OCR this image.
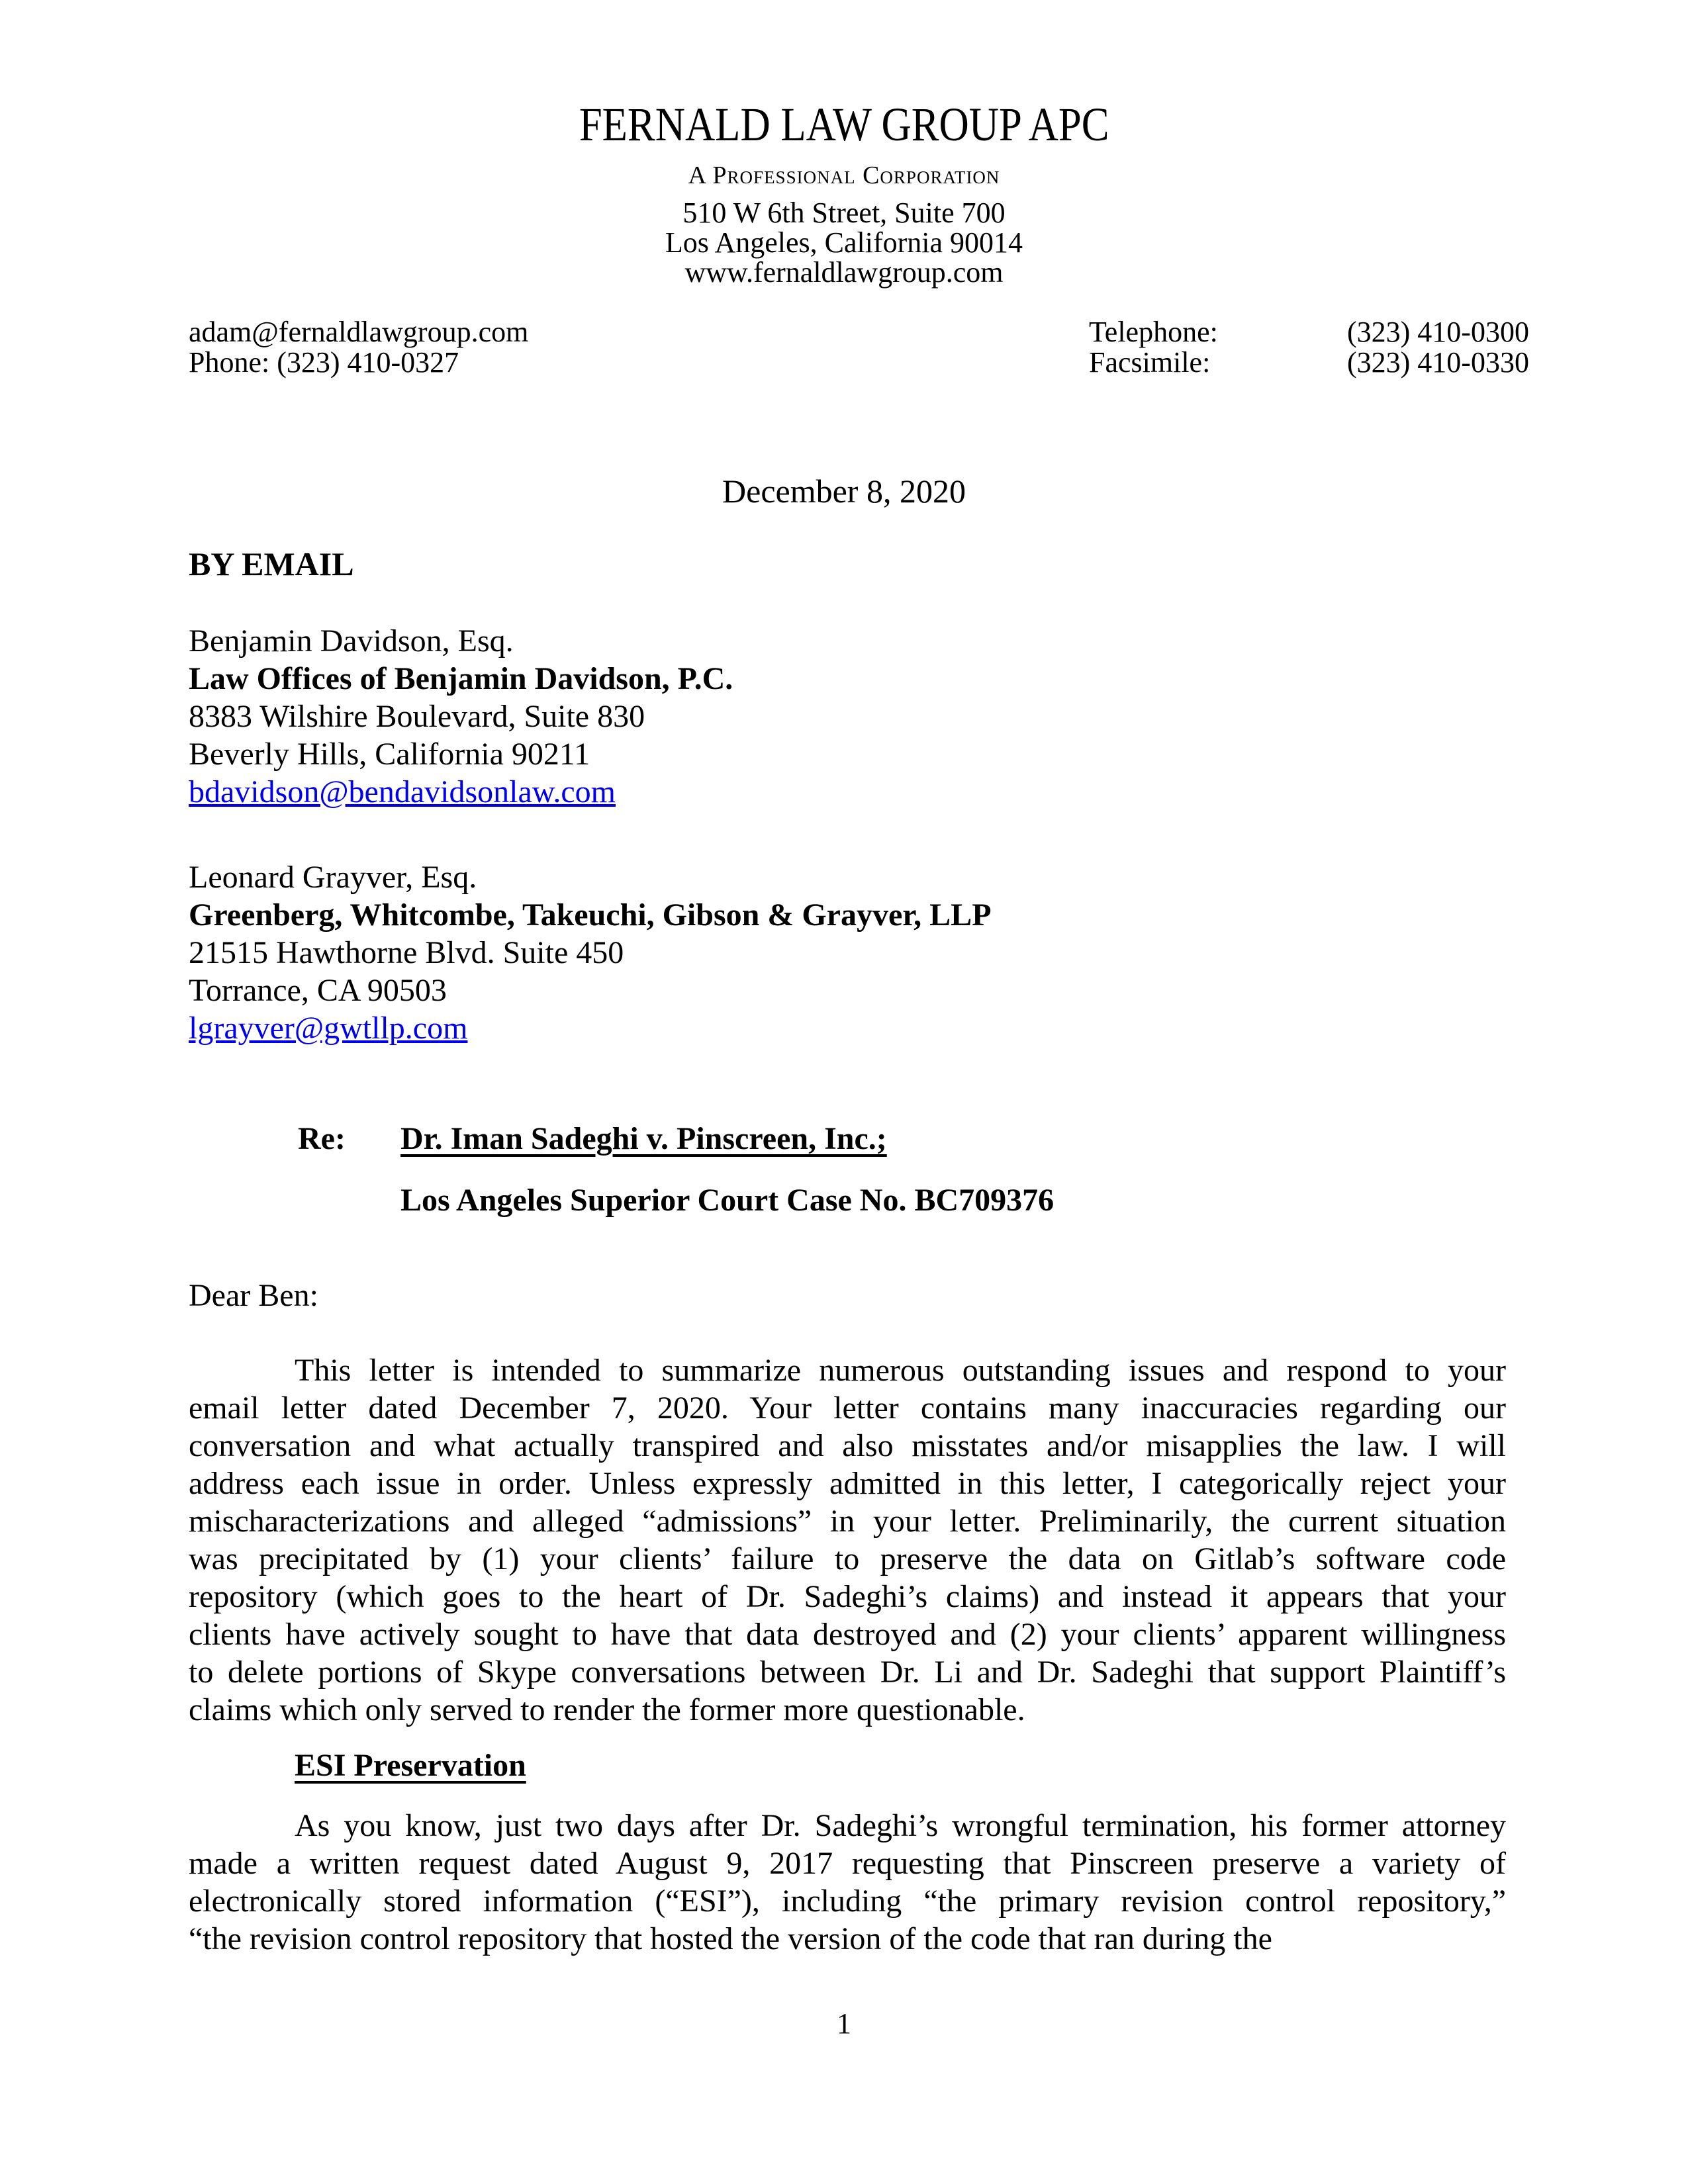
FERNALD LAW GROUP APC
A Professional Corporation
510 W 6th Street, Suite 700
Los Angeles, California 90014
www.fernaldlawgroup.com
adam@fernaldlawgroup.com
Phone: (323) 410-0327
Telephone:	(323) 410-0300
Facsimile:	(323) 410-0330
December 8, 2020
BY EMAIL
Benjamin Davidson, Esq.
Law Offices of Benjamin Davidson, P.C.
8383 Wilshire Boulevard, Suite 830
Beverly Hills, California 90211
bdavidson@bendavidsonlaw.com
Leonard Grayver, Esq.
Greenberg, Whitcombe, Takeuchi, Gibson & Grayver, LLP
21515 Hawthorne Blvd. Suite 450
Torrance, CA 90503
lgrayver@gwtllp.com
Re:	Dr. Iman Sadeghi v. Pinscreen, Inc.;
Los Angeles Superior Court Case No. BC709376
Dear Ben:
This letter is intended to summarize numerous outstanding issues and respond to your
email letter dated December 7, 2020. Your letter contains many inaccuracies regarding our
conversation and what actually transpired and also misstates and/or misapplies the law. I will
address each issue in order. Unless expressly admitted in this letter, I categorically reject your
mischaracterizations and alleged “admissions” in your letter. Preliminarily, the current situation
was precipitated by (1) your clients’ failure to preserve the data on Gitlab’s software code
repository (which goes to the heart of Dr. Sadeghi’s claims) and instead it appears that your
clients have actively sought to have that data destroyed and (2) your clients’ apparent willingness
to delete portions of Skype conversations between Dr. Li and Dr. Sadeghi that support Plaintiff’s
claims which only served to render the former more questionable.
ESI Preservation
As you know, just two days after Dr. Sadeghi’s wrongful termination, his former attorney
made a written request dated August 9, 2017 requesting that Pinscreen preserve a variety of
electronically stored information (“ESI”), including “the primary revision control repository,”
“the revision control repository that hosted the version of the code that ran during the
1
